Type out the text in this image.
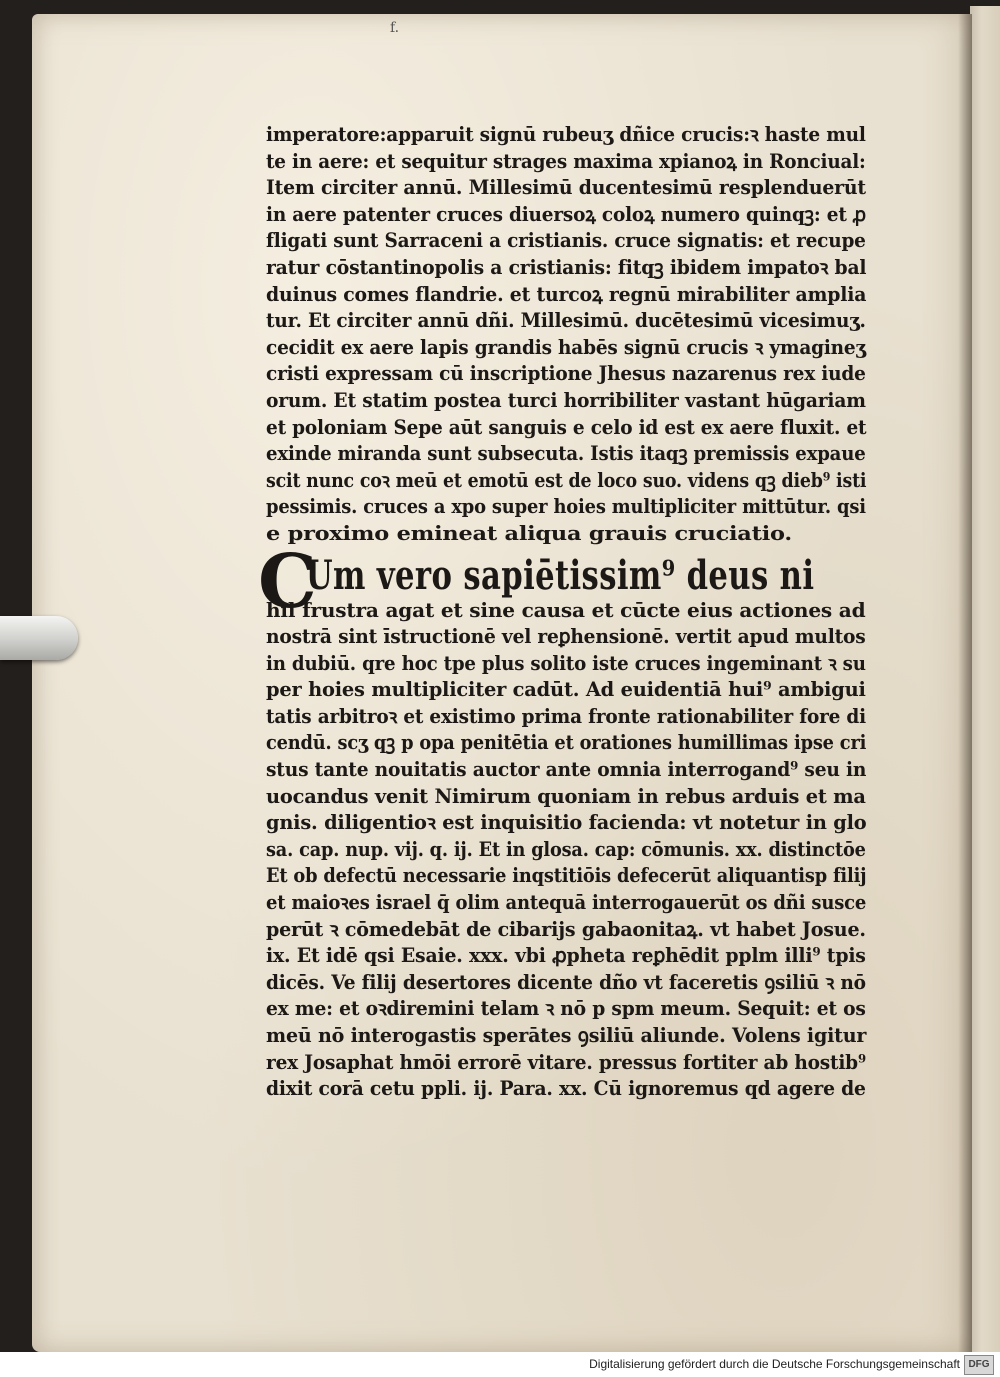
f.
imperatore:apparuit signū rubeuʒ dñice crucis:ꝛ haste mul
te in aere: et sequitur strages maxima xpianoꝝ in Ronciual:
Item circiter annū. Millesimū ducentesimū resplenduerūt
in aere patenter cruces diuersoꝝ coloꝝ numero quinqꝫ: et ꝓ
fligati sunt Sarraceni a cristianis. cruce signatis: et recupe
ratur cōstantinopolis a cristianis: fitqꝫ ibidem impatoꝛ bal
duinus comes flandrie. et turcoꝝ regnū mirabiliter amplia
tur. Et circiter annū dñi. Millesimū. ducētesimū vicesimuʒ.
cecidit ex aere lapis grandis habēs signū crucis ꝛ ymagineʒ
cristi expressam cū inscriptione Jhesus nazarenus rex iude
orum. Et statim postea turci horribiliter vastant hūgariam
et poloniam Sepe aūt sanguis e celo id est ex aere fluxit. et
exinde miranda sunt subsecuta. Istis itaqꝫ premissis expaue
scit nunc coꝛ meū et emotū est de loco suo. videns qꝫ dieb⁹ isti
pessimis. cruces a xpo super hoies multipliciter mittūtur. qsi
e proximo emineat aliqua grauis cruciatio.
C
Um vero sapiētissim⁹ deus ni
hil frustra agat et sine causa et cūcte eius actiones ad
nostrā sint īstructionē vel reꝑhensionē. vertit apud multos
in dubiū. qre hoc tpe plus solito iste cruces ingeminant ꝛ su
per hoies multipliciter cadūt. Ad euidentiā hui⁹ ambigui
tatis arbitroꝛ et existimo prima fronte rationabiliter fore di
cendū. scʒ qꝫ p opa penitētia et orationes humillimas ipse cri
stus tante nouitatis auctor ante omnia interrogand⁹ seu in
uocandus venit Nimirum quoniam in rebus arduis et ma
gnis. diligentioꝛ est inquisitio facienda: vt notetur in glo
sa. cap. nup. vij. q. ij. Et in glosa. cap: cōmunis. xx. distinctōe
Et ob defectū necessarie inqstitiōis defecerūt aliquantisp filij
et maioꝛes israel q̄ olim antequā interrogauerūt os dñi susce
perūt ꝛ cōmedebāt de cibarijs gabaonitaꝝ. vt habet Josue.
ix. Et idē qsi Esaie. xxx. vbi ꝓpheta reꝑhēdit pplm illi⁹ tpis
dicēs. Ve filij desertores dicente dño vt faceretis ꝯsiliū ꝛ nō
ex me: et oꝛdiremini telam ꝛ nō p spm meum. Sequit: et os
meū nō interogastis sperātes ꝯsiliū aliunde. Volens igitur
rex Josaphat hmōi errorē vitare. pressus fortiter ab hostib⁹
dixit corā cetu ppli. ij. Para. xx. Cū ignoremus qd agere de
Digitalisierung gefördert durch die Deutsche Forschungsgemeinschaft DFG
